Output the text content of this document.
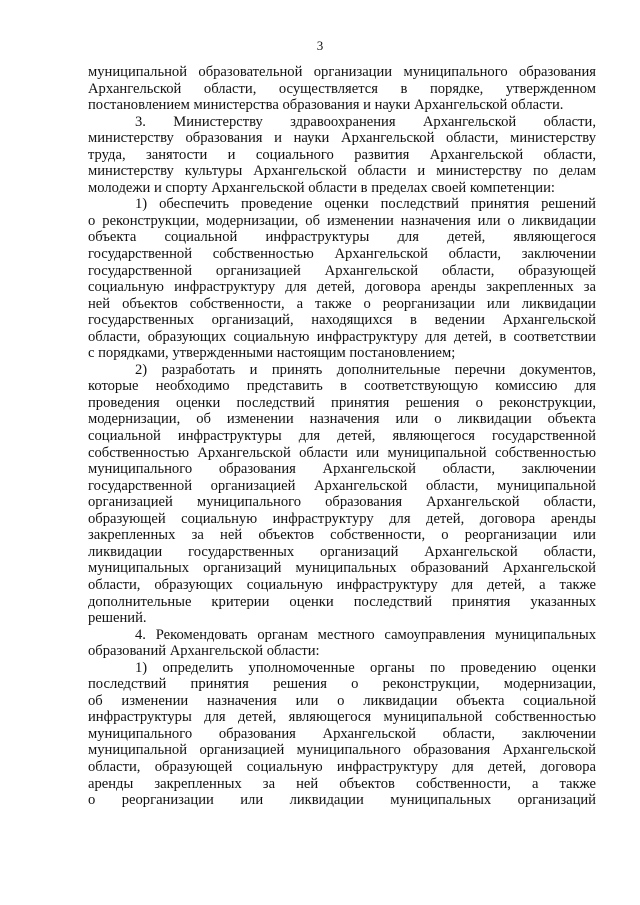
3

муниципальной образовательной организации муниципального образования

Архангельской области, осуществляется в порядке, утвержденном

постановлением министерства образования и науки Архангельской области.

3. Министерству здравоохранения Архангельской области,

министерству образования и науки Архангельской области, министерству

труда, занятости и социального развития Архангельской области,

министерству культуры Архангельской области и министерству по делам

молодежи и спорту Архангельской области в пределах своей компетенции:

1) обеспечить проведение оценки последствий принятия решений

о реконструкции, модернизации, об изменении назначения или о ликвидации

объекта социальной инфраструктуры для детей, являющегося

государственной собственностью Архангельской области, заключении

государственной организацией Архангельской области, образующей

социальную инфраструктуру для детей, договора аренды закрепленных за

ней объектов собственности, а также о реорганизации или ликвидации

государственных организаций, находящихся в ведении Архангельской

области, образующих социальную инфраструктуру для детей, в соответствии

с порядками, утвержденными настоящим постановлением;

2) разработать и принять дополнительные перечни документов,

которые необходимо представить в соответствующую комиссию для

проведения оценки последствий принятия решения о реконструкции,

модернизации, об изменении назначения или о ликвидации объекта

социальной инфраструктуры для детей, являющегося государственной

собственностью Архангельской области или муниципальной собственностью

муниципального образования Архангельской области, заключении

государственной организацией Архангельской области, муниципальной

организацией муниципального образования Архангельской области,

образующей социальную инфраструктуру для детей, договора аренды

закрепленных за ней объектов собственности, о реорганизации или

ликвидации государственных организаций Архангельской области,

муниципальных организаций муниципальных образований Архангельской

области, образующих социальную инфраструктуру для детей, а также

дополнительные критерии оценки последствий принятия указанных

решений.

4. Рекомендовать органам местного самоуправления муниципальных

образований Архангельской области:

1) определить уполномоченные органы по проведению оценки

последствий принятия решения о реконструкции, модернизации,

об изменении назначения или о ликвидации объекта социальной

инфраструктуры для детей, являющегося муниципальной собственностью

муниципального образования Архангельской области, заключении

муниципальной организацией муниципального образования Архангельской

области, образующей социальную инфраструктуру для детей, договора

аренды закрепленных за ней объектов собственности, а также

о реорганизации или ликвидации муниципальных организаций
